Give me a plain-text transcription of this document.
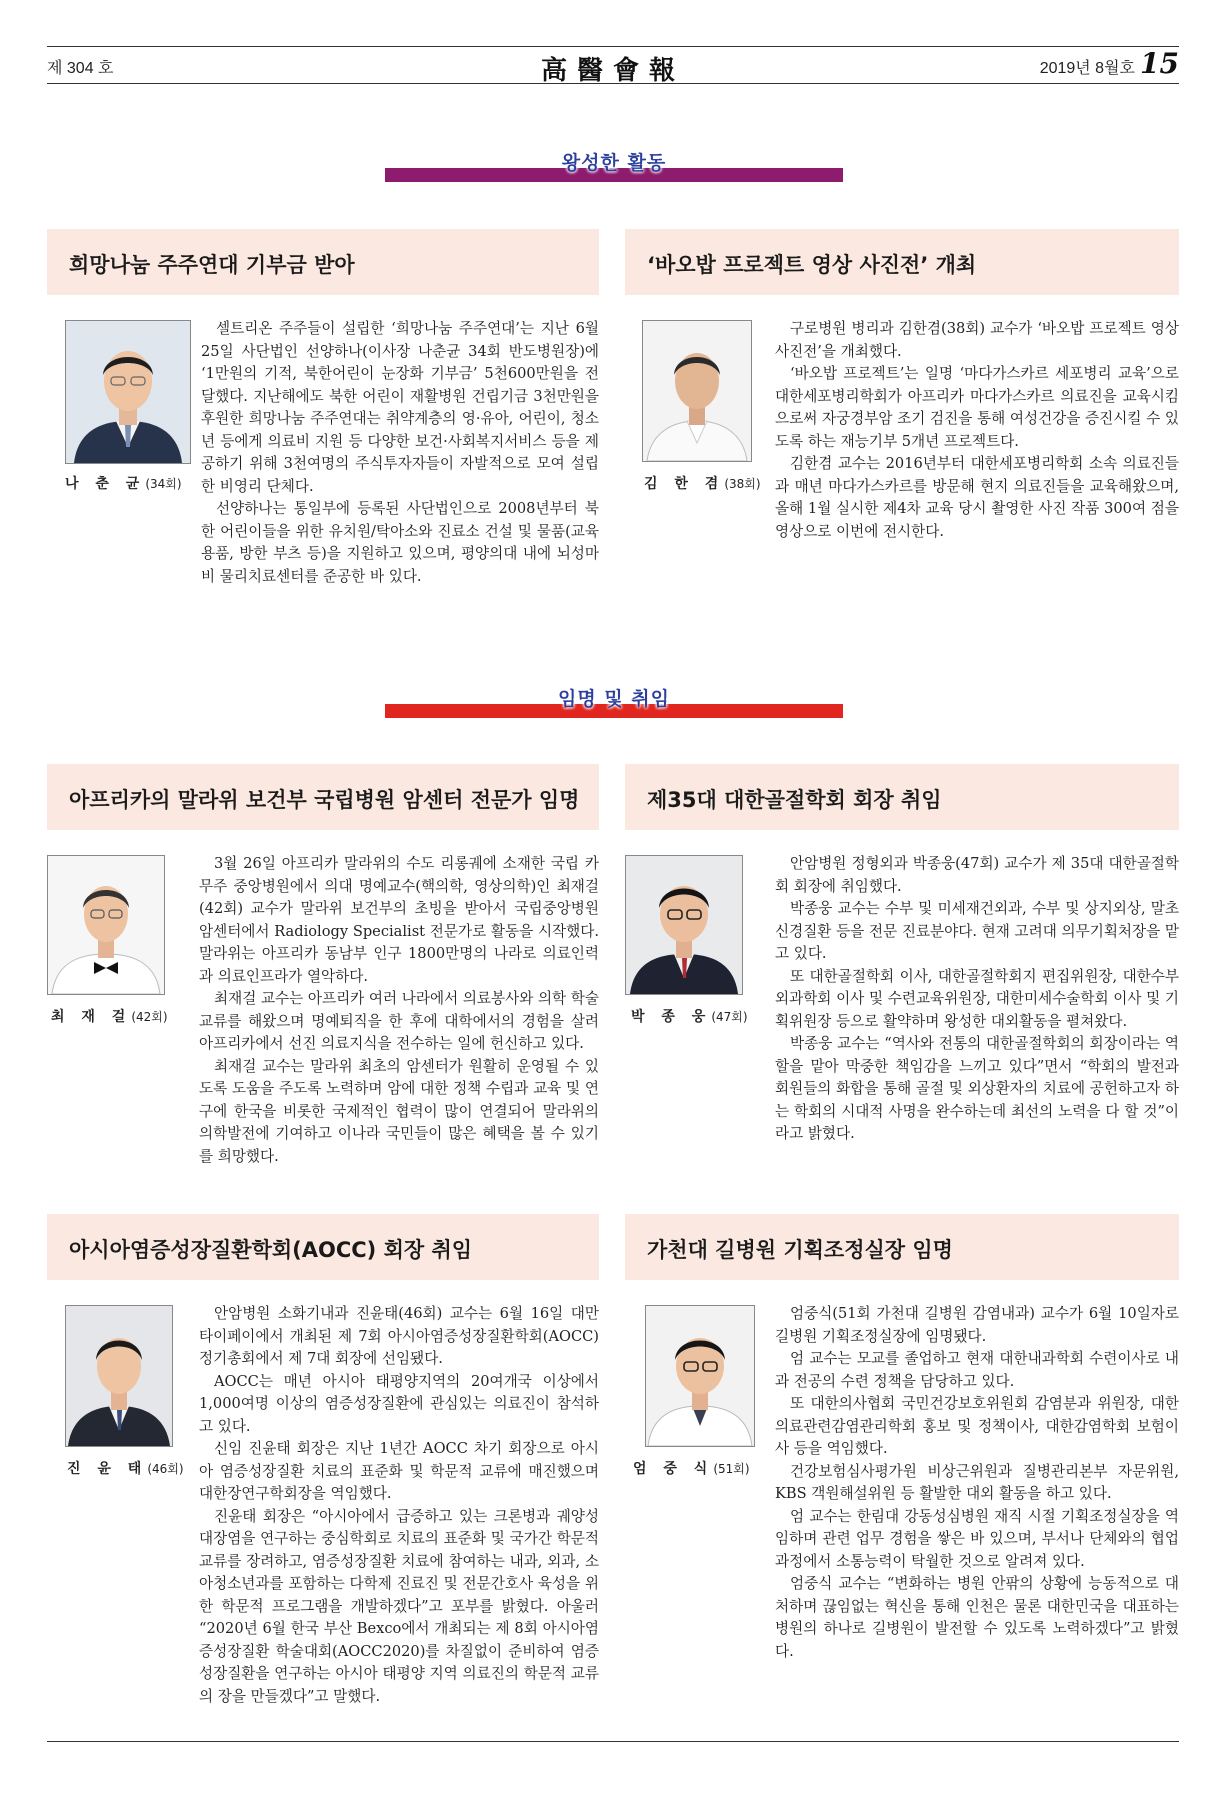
제 304 호	高醫會報	2019년 8월호 15
왕성한 활동
희망나눔 주주연대 기부금 받아
나 춘 균(34회)

셀트리온 주주들이 설립한 ‘희망나눔 주주연대’는 지난 6월25일 사단법인 선양하나(이사장 나춘균 34회 반도병원장)에 ‘1만원의 기적, 북한어린이 눈장화 기부금’ 5천600만원을 전달했다. 지난해에도 북한 어린이 재활병원 건립기금 3천만원을 후원한 희망나눔 주주연대는 취약계층의 영·유아, 어린이, 청소년 등에게 의료비 지원 등 다양한 보건·사회복지서비스 등을 제공하기 위해 3천여명의 주식투자자들이 자발적으로 모여 설립한 비영리 단체다.

선양하나는 통일부에 등록된 사단법인으로 2008년부터 북한 어린이들을 위한 유치원/탁아소와 진료소 건설 및 물품(교육용품, 방한 부츠 등)을 지원하고 있으며, 평양의대 내에 뇌성마비 물리치료센터를 준공한 바 있다.

‘바오밥 프로젝트 영상 사진전’ 개최
김 한 겸(38회)

구로병원 병리과 김한겸(38회) 교수가 ‘바오밥 프로젝트 영상사진전’을 개최했다.

‘바오밥 프로젝트’는 일명 ‘마다가스카르 세포병리 교육’으로 대한세포병리학회가 아프리카 마다가스카르 의료진을 교육시킴으로써 자궁경부암 조기 검진을 통해 여성건강을 증진시킬 수 있도록 하는 재능기부 5개년 프로젝트다.

김한겸 교수는 2016년부터 대한세포병리학회 소속 의료진들과 매년 마다가스카르를 방문해 현지 의료진들을 교육해왔으며, 올해 1월 실시한 제4차 교육 당시 촬영한 사진 작품 300여 점을 영상으로 이번에 전시한다.

임명 및 취임
아프리카의 말라위 보건부 국립병원 암센터 전문가 임명
최 재 걸(42회)

3월 26일 아프리카 말라위의 수도 리롱궤에 소재한 국립 카무주 중앙병원에서 의대 명예교수(핵의학, 영상의학)인 최재걸(42회) 교수가 말라위 보건부의 초빙을 받아서 국립중앙병원 암센터에서 Radiology Specialist 전문가로 활동을 시작했다. 말라위는 아프리카 동남부 인구 1800만명의 나라로 의료인력과 의료인프라가 열악하다.

최재걸 교수는 아프리카 여러 나라에서 의료봉사와 의학 학술교류를 해왔으며 명예퇴직을 한 후에 대학에서의 경험을 살려 아프리카에서 선진 의료지식을 전수하는 일에 헌신하고 있다.

최재걸 교수는 말라위 최초의 암센터가 원활히 운영될 수 있도록 도움을 주도록 노력하며 암에 대한 정책 수립과 교육 및 연구에 한국을 비롯한 국제적인 협력이 많이 연결되어 말라위의 의학발전에 기여하고 이나라 국민들이 많은 혜택을 볼 수 있기를 희망했다.

제35대 대한골절학회 회장 취임
박 종 웅(47회)

안암병원 정형외과 박종웅(47회) 교수가 제 35대 대한골절학회 회장에 취임했다.

박종웅 교수는 수부 및 미세재건외과, 수부 및 상지외상, 말초신경질환 등을 전문 진료분야다. 현재 고려대 의무기획처장을 맡고 있다.

또 대한골절학회 이사, 대한골절학회지 편집위원장, 대한수부외과학회 이사 및 수련교육위원장, 대한미세수술학회 이사 및 기획위원장 등으로 활약하며 왕성한 대외활동을 펼쳐왔다.

박종웅 교수는 “역사와 전통의 대한골절학회의 회장이라는 역할을 맡아 막중한 책임감을 느끼고 있다”면서 “학회의 발전과 회원들의 화합을 통해 골절 및 외상환자의 치료에 공헌하고자 하는 학회의 시대적 사명을 완수하는데 최선의 노력을 다 할 것”이라고 밝혔다.

아시아염증성장질환학회(AOCC) 회장 취임
진 윤 태(46회)

안암병원 소화기내과 진윤태(46회) 교수는 6월 16일 대만 타이페이에서 개최된 제 7회 아시아염증성장질환학회(AOCC) 정기총회에서 제 7대 회장에 선임됐다.

AOCC는 매년 아시아 태평양지역의 20여개국 이상에서 1,000여명 이상의 염증성장질환에 관심있는 의료진이 참석하고 있다.

신임 진윤태 회장은 지난 1년간 AOCC 차기 회장으로 아시아 염증성장질환 치료의 표준화 및 학문적 교류에 매진했으며 대한장연구학회장을 역임했다.

진윤태 회장은 “아시아에서 급증하고 있는 크론병과 궤양성대장염을 연구하는 중심학회로 치료의 표준화 및 국가간 학문적 교류를 장려하고, 염증성장질환 치료에 참여하는 내과, 외과, 소아청소년과를 포함하는 다학제 진료진 및 전문간호사 육성을 위한 학문적 프로그램을 개발하겠다”고 포부를 밝혔다. 아울러 “2020년 6월 한국 부산 Bexco에서 개최되는 제 8회 아시아염증성장질환 학술대회(AOCC2020)를 차질없이 준비하여 염증성장질환을 연구하는 아시아 태평양 지역 의료진의 학문적 교류의 장을 만들겠다”고 말했다.

가천대 길병원 기획조정실장 임명
엄 중 식(51회)

엄중식(51회 가천대 길병원 감염내과) 교수가 6월 10일자로 길병원 기획조정실장에 임명됐다.

엄 교수는 모교를 졸업하고 현재 대한내과학회 수련이사로 내과 전공의 수련 정책을 담당하고 있다.

또 대한의사협회 국민건강보호위원회 감염분과 위원장, 대한의료관련감염관리학회 홍보 및 정책이사, 대한감염학회 보험이사 등을 역임했다.

건강보험심사평가원 비상근위원과 질병관리본부 자문위원, KBS 객원해설위원 등 활발한 대외 활동을 하고 있다.

엄 교수는 한림대 강동성심병원 재직 시절 기획조정실장을 역임하며 관련 업무 경험을 쌓은 바 있으며, 부서나 단체와의 협업 과정에서 소통능력이 탁월한 것으로 알려져 있다.

엄중식 교수는 “변화하는 병원 안팎의 상황에 능동적으로 대처하며 끊임없는 혁신을 통해 인천은 물론 대한민국을 대표하는 병원의 하나로 길병원이 발전할 수 있도록 노력하겠다”고 밝혔다.
